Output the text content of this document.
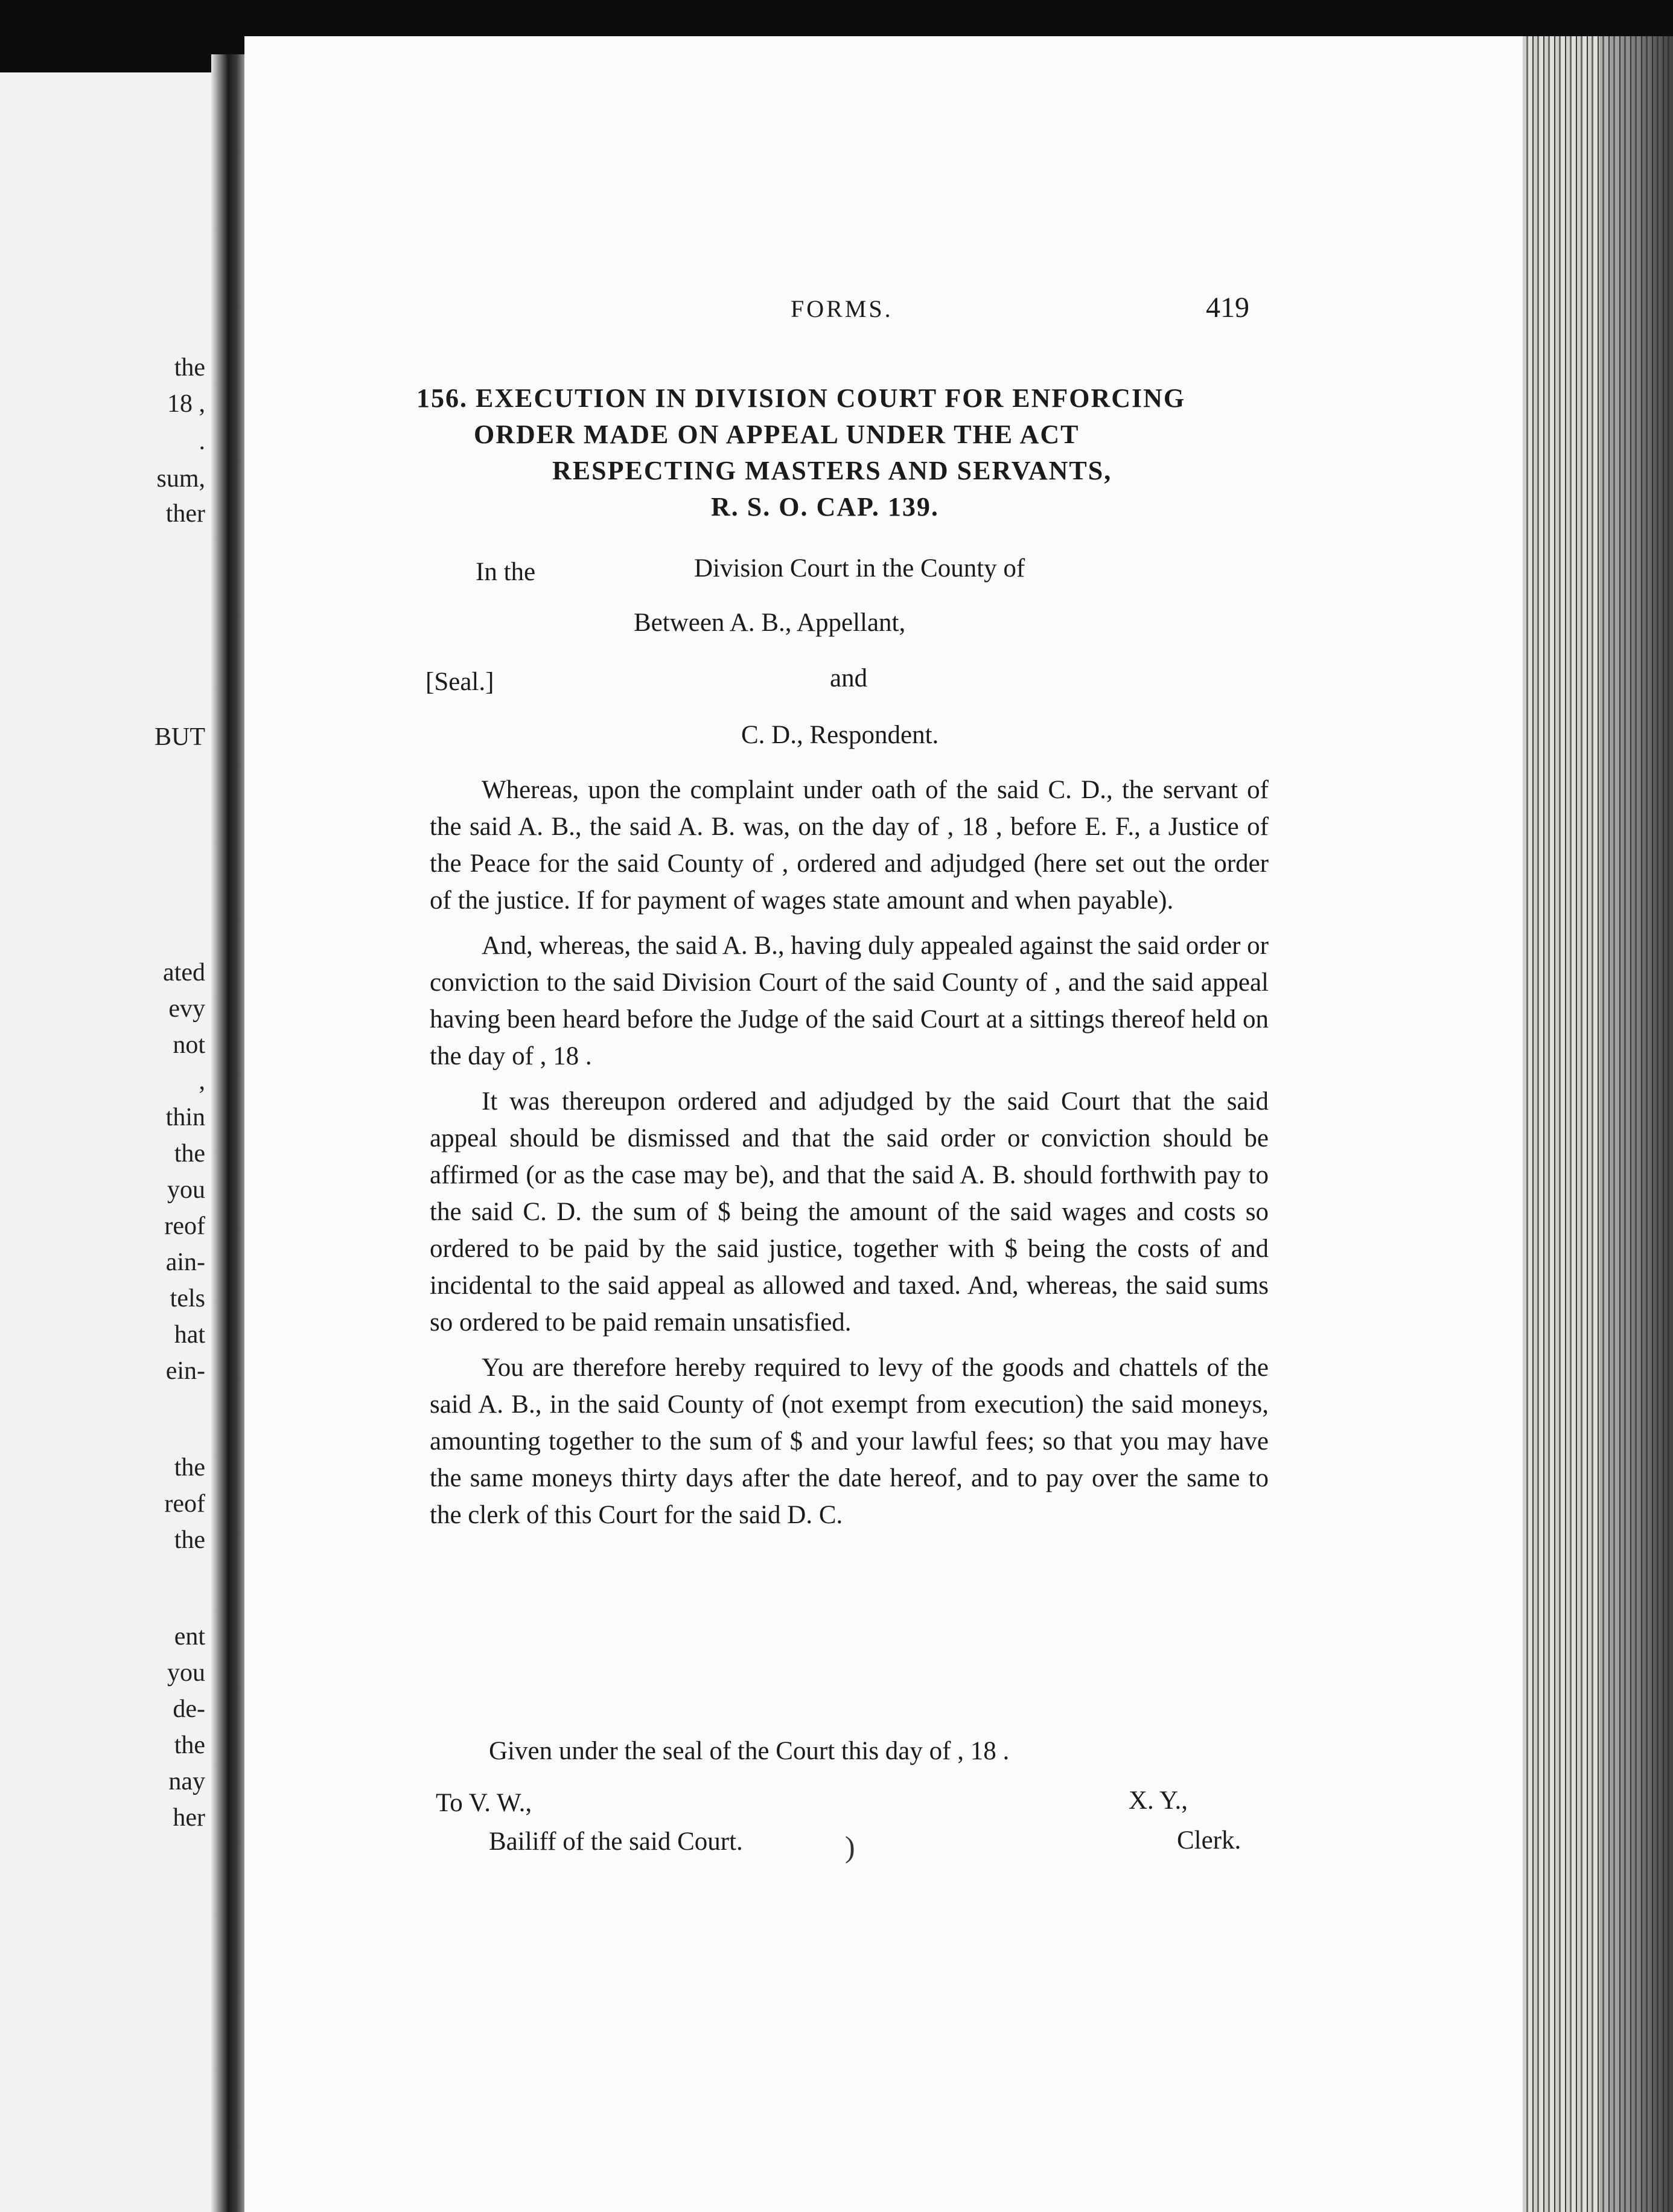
the
18 ,
.
sum,
ther
BUT
ated
evy
not
,
thin
the
you
reof
ain-
tels
hat
ein-
the
reof
the
ent
you
de-
the
nay
her
FORMS.	419
156. EXECUTION IN DIVISION COURT FOR ENFORCING
ORDER MADE ON APPEAL UNDER THE ACT
RESPECTING MASTERS AND SERVANTS,
R. S. O. CAP. 139.
In the	Division Court in the County of
Between A. B., Appellant,
[Seal.]	and
C. D., Respondent.

Whereas, upon the complaint under oath of the said C. D., the servant of the said A. B., the said A. B. was, on the day of , 18 , before E. F., a Justice of the Peace for the said County of , ordered and adjudged (here set out the order of the justice. If for payment of wages state amount and when payable).

And, whereas, the said A. B., having duly appealed against the said order or conviction to the said Division Court of the said County of , and the said appeal having been heard before the Judge of the said Court at a sittings thereof held on the day of , 18 .

It was thereupon ordered and adjudged by the said Court that the said appeal should be dismissed and that the said order or conviction should be affirmed (or as the case may be), and that the said A. B. should forthwith pay to the said C. D. the sum of $ being the amount of the said wages and costs so ordered to be paid by the said justice, together with $ being the costs of and incidental to the said appeal as allowed and taxed. And, whereas, the said sums so ordered to be paid remain unsatisfied.

You are therefore hereby required to levy of the goods and chattels of the said A. B., in the said County of (not exempt from execution) the said moneys, amounting together to the sum of $ and your lawful fees; so that you may have the same moneys thirty days after the date hereof, and to pay over the same to the clerk of this Court for the said D. C.

Given under the seal of the Court this day of , 18 .
To V. W.,
Bailiff of the said Court.	)
X. Y.,
Clerk.
